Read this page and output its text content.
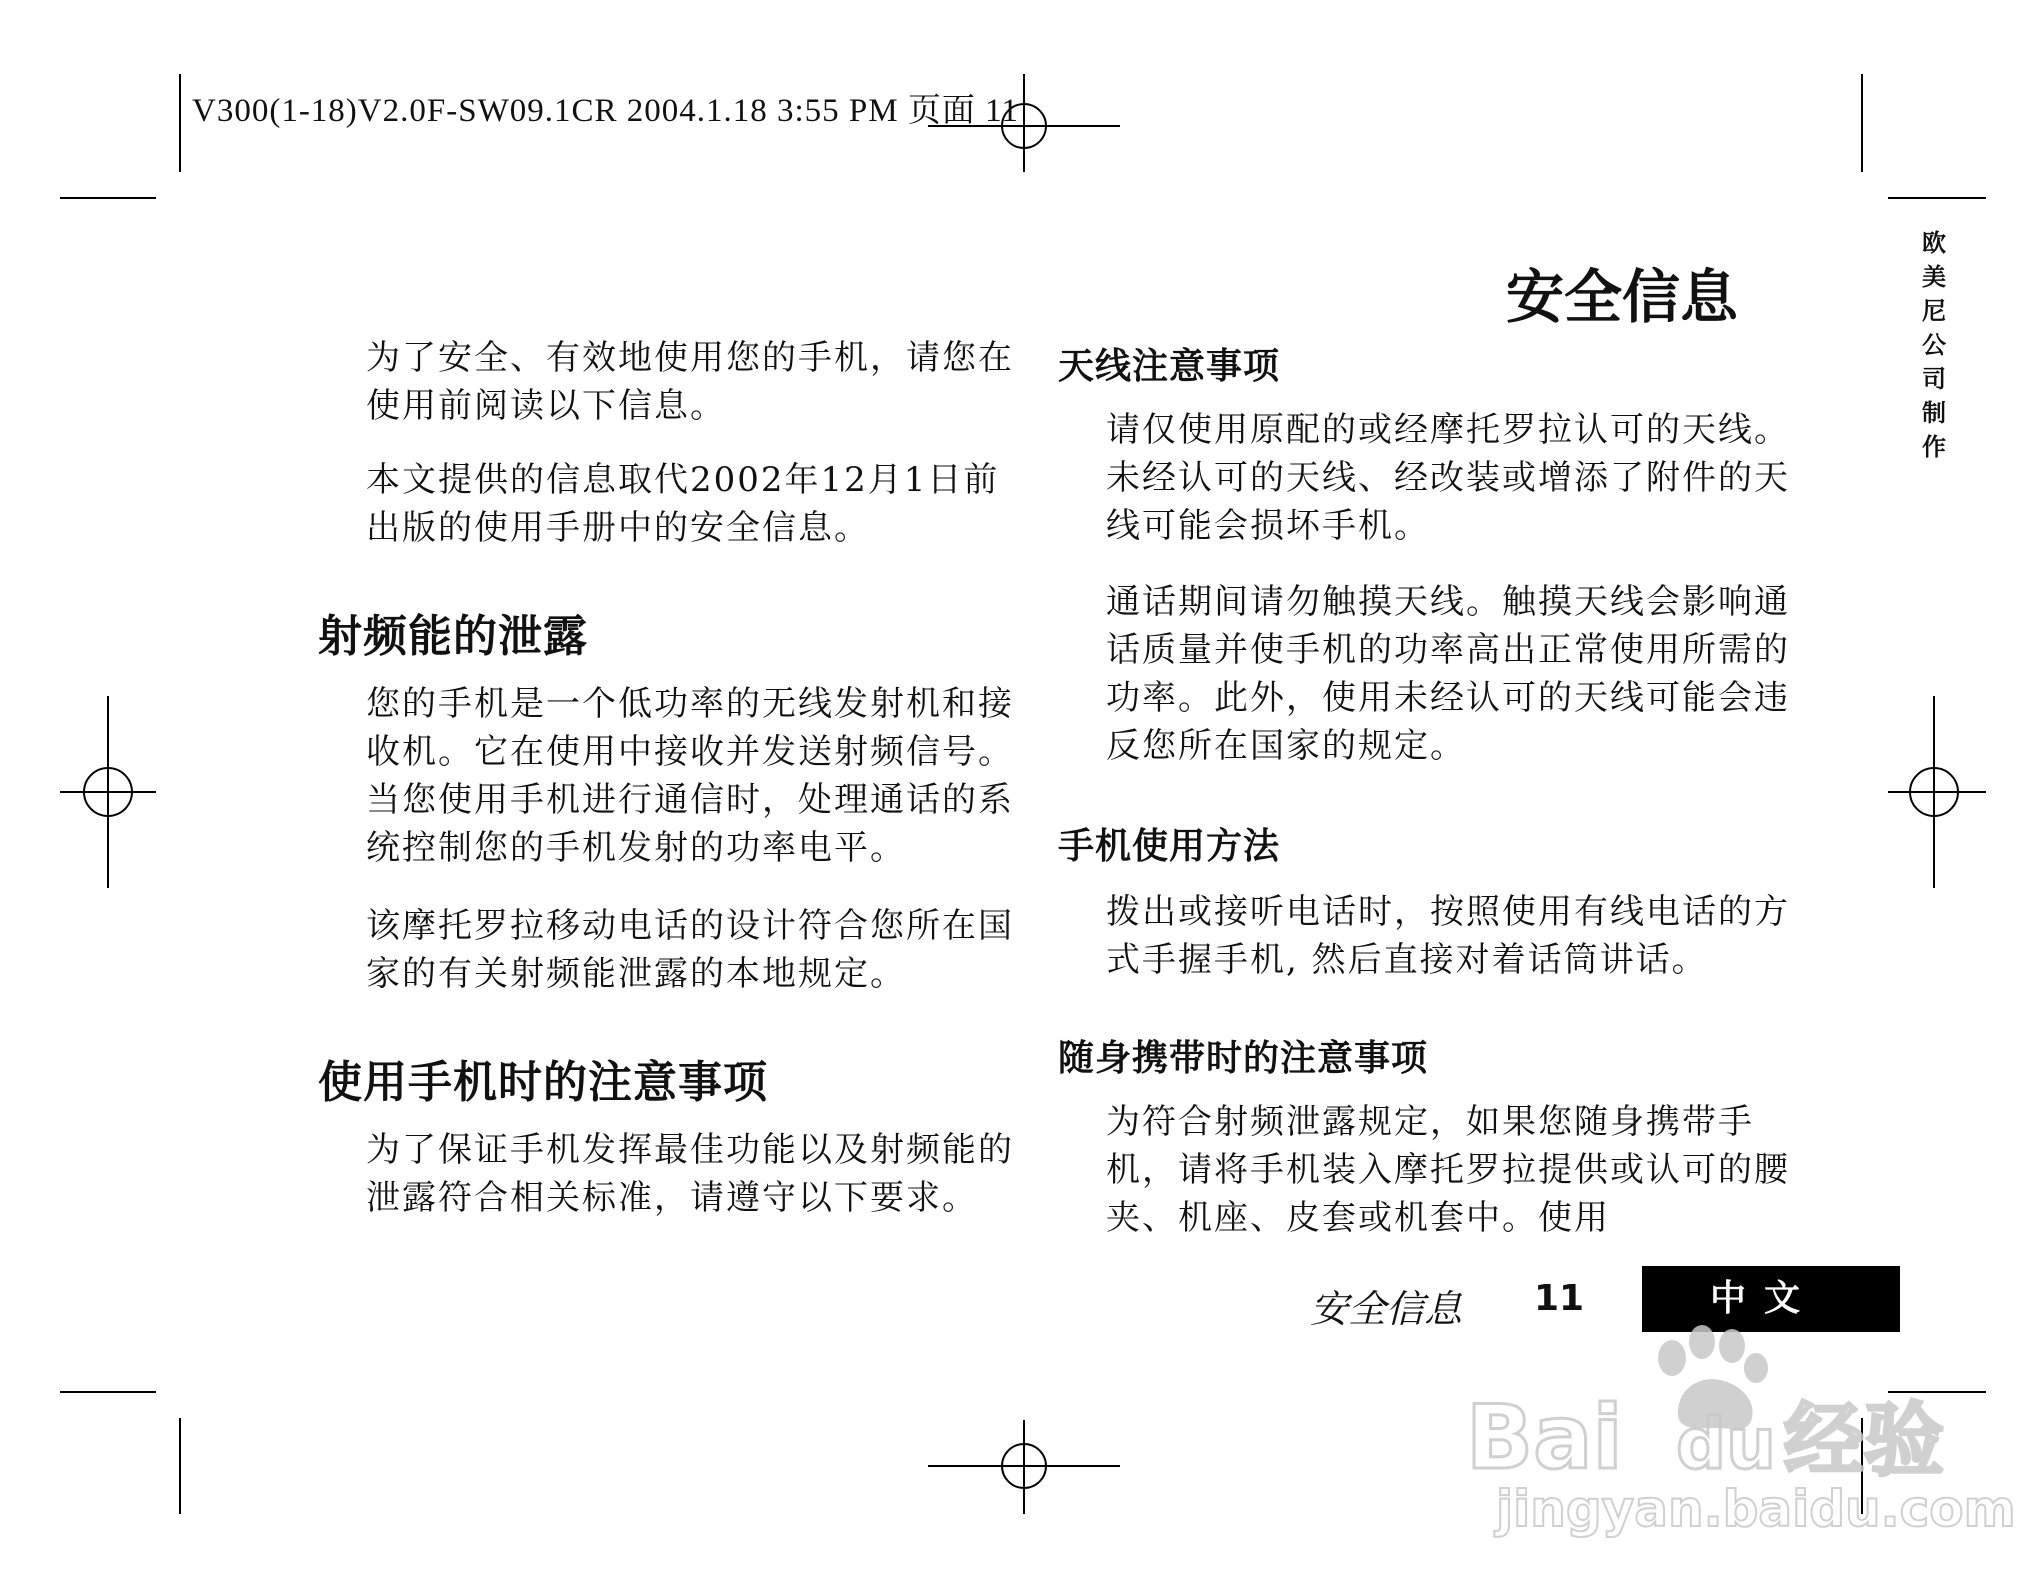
V300(1-18)V2.0F-SW09.1CR 2004.1.18 3:55 PM 页面 11
欧美尼公司制作
安全信息

为了安全、有效地使用您的手机，请您在使用前阅读以下信息。

本文提供的信息取代2002年12月1日前出版的使用手册中的安全信息。

射频能的泄露

您的手机是一个低功率的无线发射机和接收机。它在使用中接收并发送射频信号。当您使用手机进行通信时，处理通话的系统控制您的手机发射的功率电平。

该摩托罗拉移动电话的设计符合您所在国家的有关射频能泄露的本地规定。

使用手机时的注意事项

为了保证手机发挥最佳功能以及射频能的泄露符合相关标准，请遵守以下要求。

天线注意事项

请仅使用原配的或经摩托罗拉认可的天线。未经认可的天线、经改装或增添了附件的天线可能会损坏手机。

通话期间请勿触摸天线。触摸天线会影响通话质量并使手机的功率高出正常使用所需的功率。此外，使用未经认可的天线可能会违反您所在国家的规定。

手机使用方法

拨出或接听电话时，按照使用有线电话的方式手握手机, 然后直接对着话筒讲话。

随身携带时的注意事项

为符合射频泄露规定，如果您随身携带手机，请将手机装入摩托罗拉提供或认可的腰夹、机座、皮套或机套中。使用

安全信息 11	中文
Bai du 经验
jingyan.baidu.com
